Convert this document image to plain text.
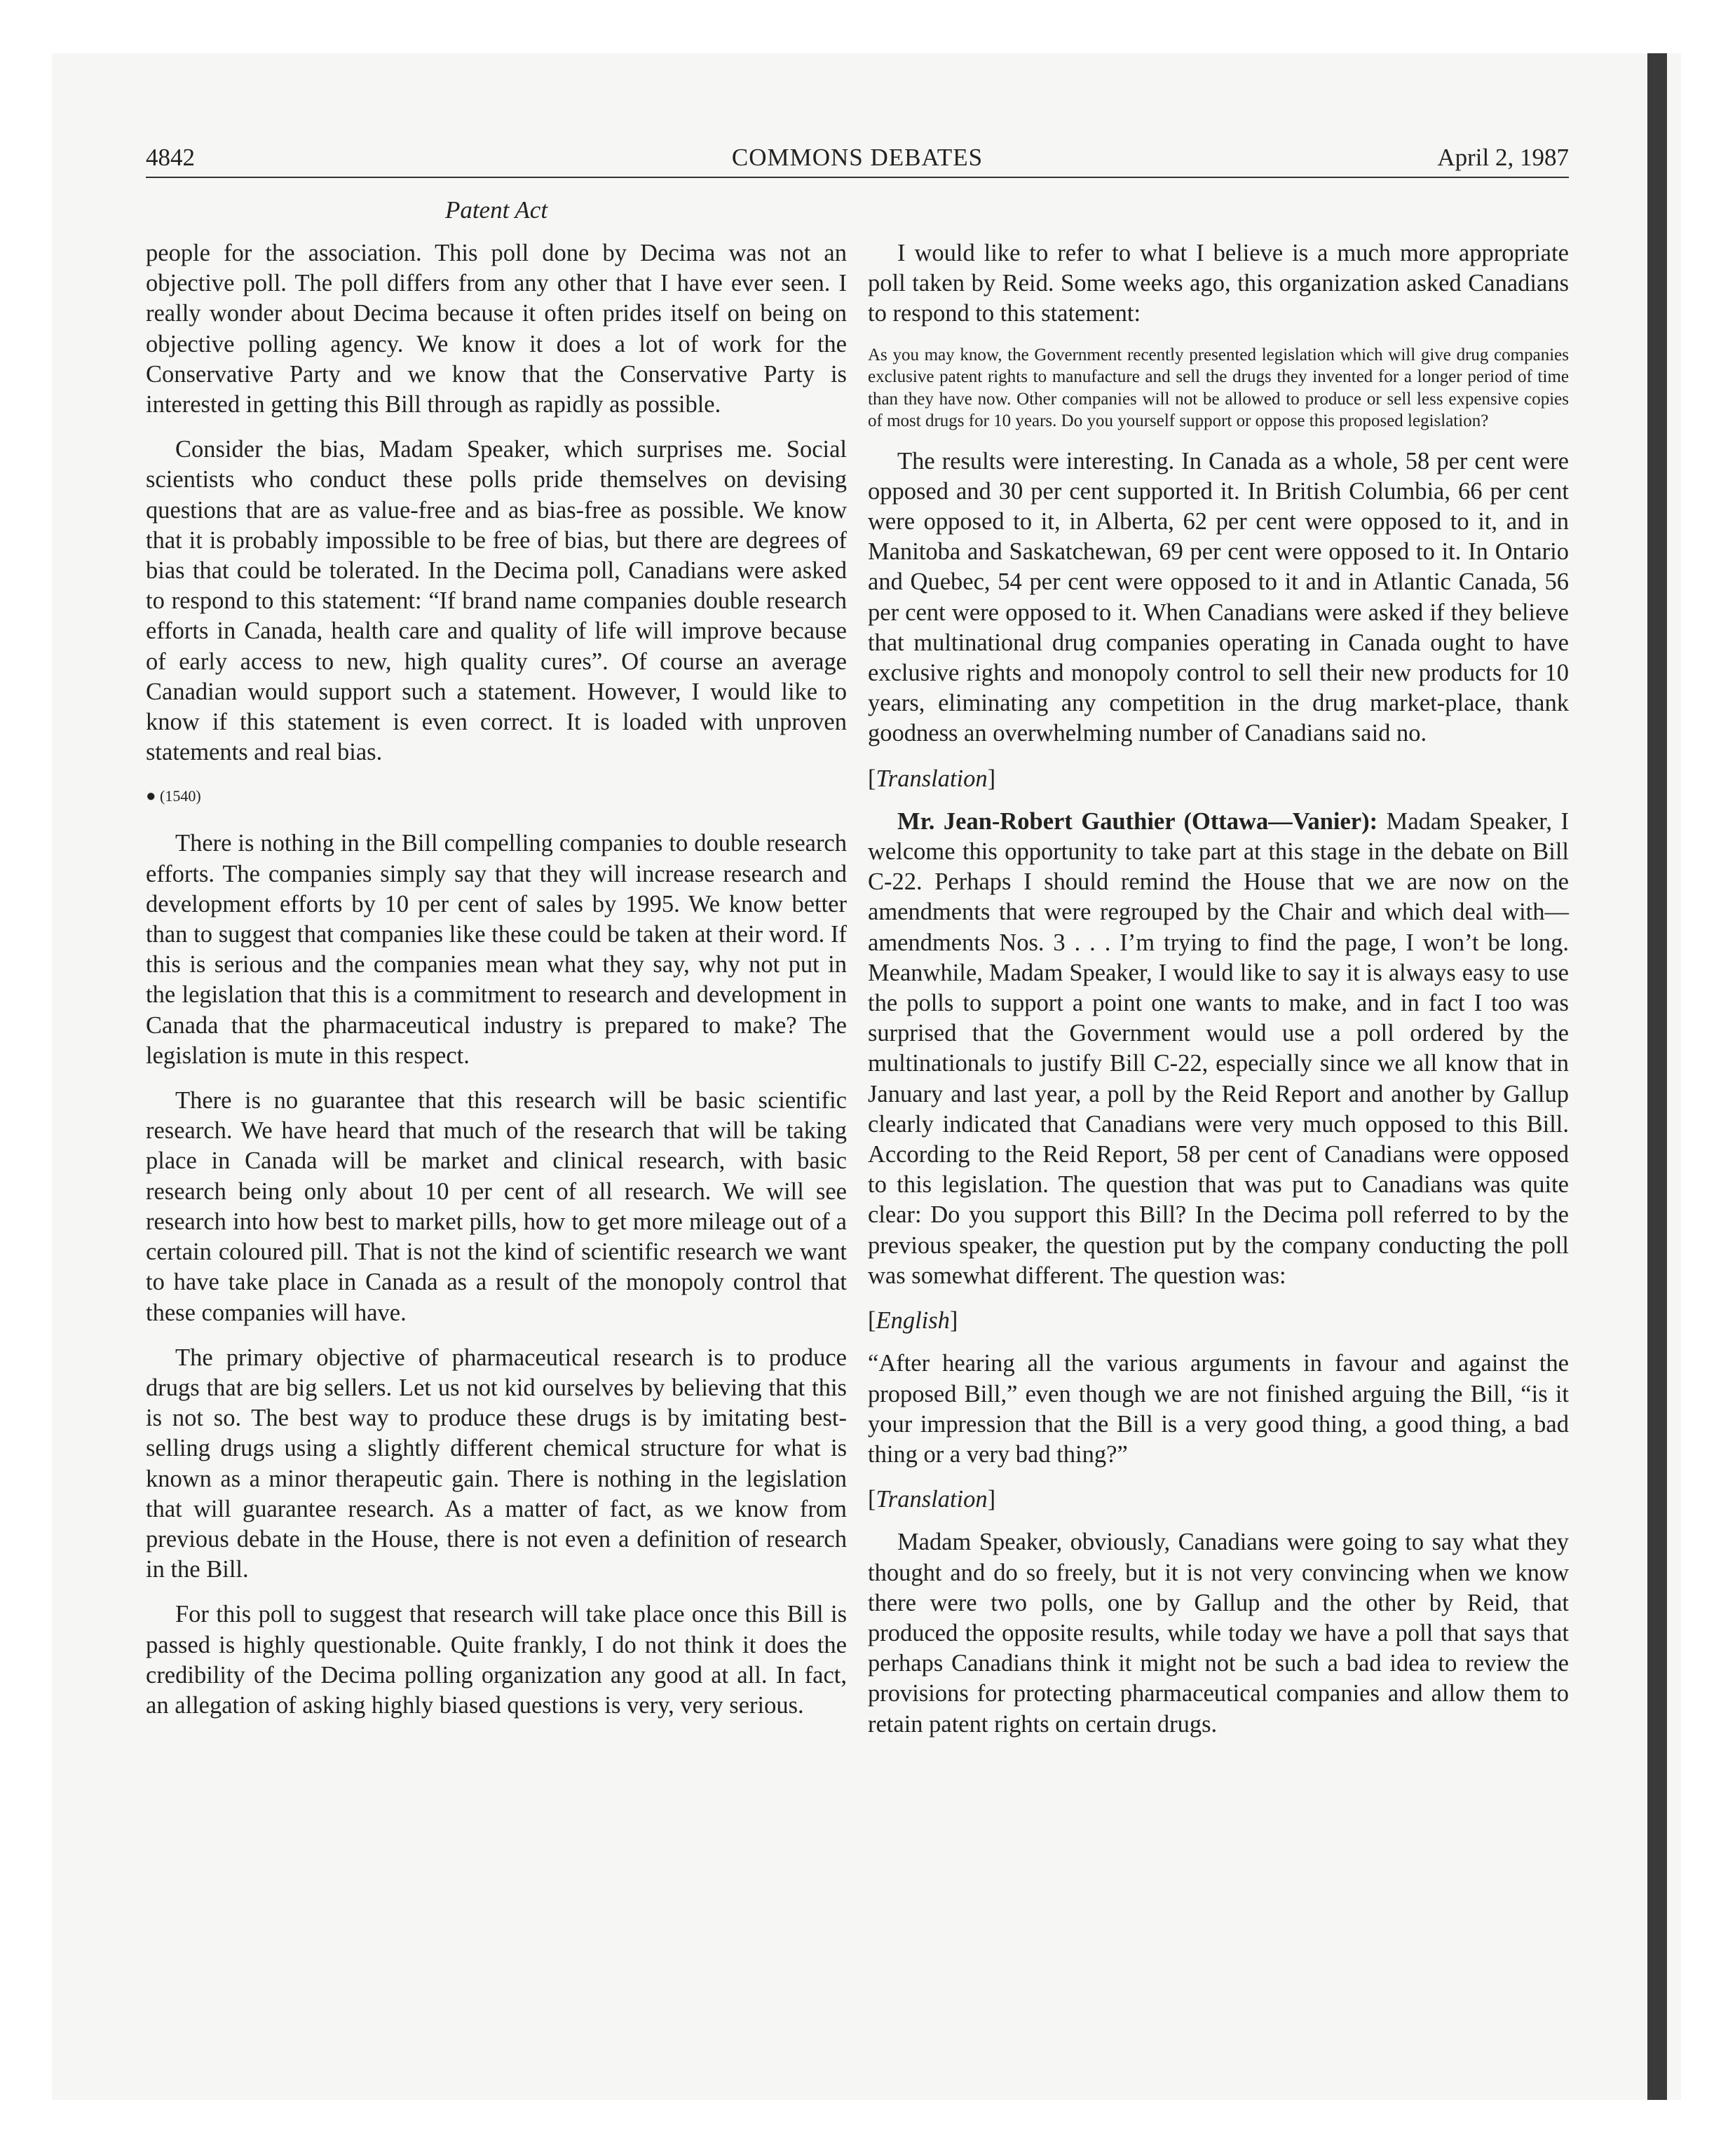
4842	COMMONS DEBATES	April 2, 1987
Patent Act

people for the association. This poll done by Decima was not an objective poll. The poll differs from any other that I have ever seen. I really wonder about Decima because it often prides itself on being on objective polling agency. We know it does a lot of work for the Conservative Party and we know that the Conservative Party is interested in getting this Bill through as rapidly as possible.

Consider the bias, Madam Speaker, which surprises me. Social scientists who conduct these polls pride themselves on devising questions that are as value-free and as bias-free as possible. We know that it is probably impossible to be free of bias, but there are degrees of bias that could be tolerated. In the Decima poll, Canadians were asked to respond to this statement: “If brand name companies double research efforts in Canada, health care and quality of life will improve because of early access to new, high quality cures”. Of course an average Canadian would support such a statement. However, I would like to know if this statement is even correct. It is loaded with unproven statements and real bias.

● (1540)

There is nothing in the Bill compelling companies to double research efforts. The companies simply say that they will increase research and development efforts by 10 per cent of sales by 1995. We know better than to suggest that companies like these could be taken at their word. If this is serious and the companies mean what they say, why not put in the legislation that this is a commitment to research and development in Canada that the pharmaceutical industry is prepared to make? The legislation is mute in this respect.

There is no guarantee that this research will be basic scientific research. We have heard that much of the research that will be taking place in Canada will be market and clinical research, with basic research being only about 10 per cent of all research. We will see research into how best to market pills, how to get more mileage out of a certain coloured pill. That is not the kind of scientific research we want to have take place in Canada as a result of the monopoly control that these companies will have.

The primary objective of pharmaceutical research is to produce drugs that are big sellers. Let us not kid ourselves by believing that this is not so. The best way to produce these drugs is by imitating best-selling drugs using a slightly different chemical structure for what is known as a minor therapeutic gain. There is nothing in the legislation that will guarantee research. As a matter of fact, as we know from previous debate in the House, there is not even a definition of research in the Bill.

For this poll to suggest that research will take place once this Bill is passed is highly questionable. Quite frankly, I do not think it does the credibility of the Decima polling organization any good at all. In fact, an allegation of asking highly biased questions is very, very serious.

I would like to refer to what I believe is a much more appropriate poll taken by Reid. Some weeks ago, this organization asked Canadians to respond to this statement:

As you may know, the Government recently presented legislation which will give drug companies exclusive patent rights to manufacture and sell the drugs they invented for a longer period of time than they have now. Other companies will not be allowed to produce or sell less expensive copies of most drugs for 10 years. Do you yourself support or oppose this proposed legislation?

The results were interesting. In Canada as a whole, 58 per cent were opposed and 30 per cent supported it. In British Columbia, 66 per cent were opposed to it, in Alberta, 62 per cent were opposed to it, and in Manitoba and Saskatchewan, 69 per cent were opposed to it. In Ontario and Quebec, 54 per cent were opposed to it and in Atlantic Canada, 56 per cent were opposed to it. When Canadians were asked if they believe that multinational drug companies operating in Canada ought to have exclusive rights and monopoly control to sell their new products for 10 years, eliminating any competition in the drug market-place, thank goodness an overwhelming number of Canadians said no.

[Translation]

Mr. Jean-Robert Gauthier (Ottawa—Vanier): Madam Speaker, I welcome this opportunity to take part at this stage in the debate on Bill C-22. Perhaps I should remind the House that we are now on the amendments that were regrouped by the Chair and which deal with—amendments Nos. 3 . . . I’m trying to find the page, I won’t be long. Meanwhile, Madam Speaker, I would like to say it is always easy to use the polls to support a point one wants to make, and in fact I too was surprised that the Government would use a poll ordered by the multinationals to justify Bill C-22, especially since we all know that in January and last year, a poll by the Reid Report and another by Gallup clearly indicated that Canadians were very much opposed to this Bill. According to the Reid Report, 58 per cent of Canadians were opposed to this legislation. The question that was put to Canadians was quite clear: Do you support this Bill? In the Decima poll referred to by the previous speaker, the question put by the company conducting the poll was somewhat different. The question was:

[English]

“After hearing all the various arguments in favour and against the proposed Bill,” even though we are not finished arguing the Bill, “is it your impression that the Bill is a very good thing, a good thing, a bad thing or a very bad thing?”

[Translation]

Madam Speaker, obviously, Canadians were going to say what they thought and do so freely, but it is not very convincing when we know there were two polls, one by Gallup and the other by Reid, that produced the opposite results, while today we have a poll that says that perhaps Canadians think it might not be such a bad idea to review the provisions for protecting pharmaceutical companies and allow them to retain patent rights on certain drugs.
